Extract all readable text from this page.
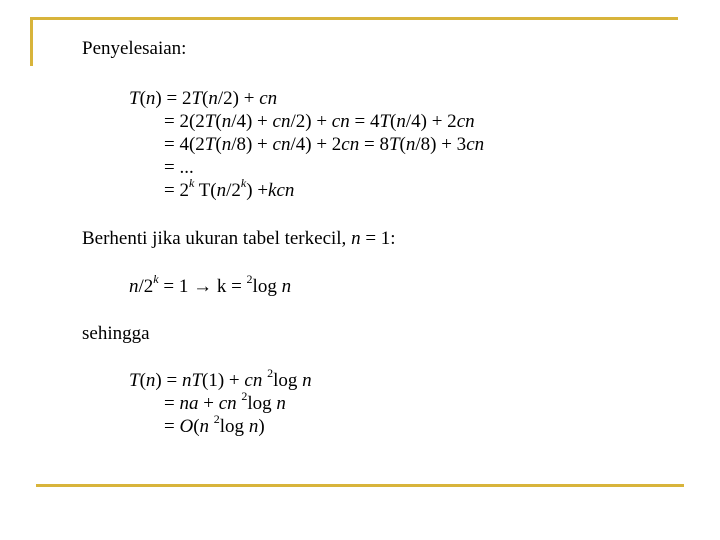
Penyelesaian:
T(n) = 2T(n/2) + cn
= 2(2T(n/4) + cn/2) + cn = 4T(n/4) + 2cn
= 4(2T(n/8) + cn/4) + 2cn = 8T(n/8) + 3cn
= ...
= $2^k$ $T(n/2^k) +kcn$
Berhenti jika ukuran tabel terkecil, n = 1:
$n/2^k = 1 \to k = ^2\log$ n
sehingga
T(n) = nT(1) + cn $^2$log n
= na + cn $^2$log n
= O(n $^2$log n)
